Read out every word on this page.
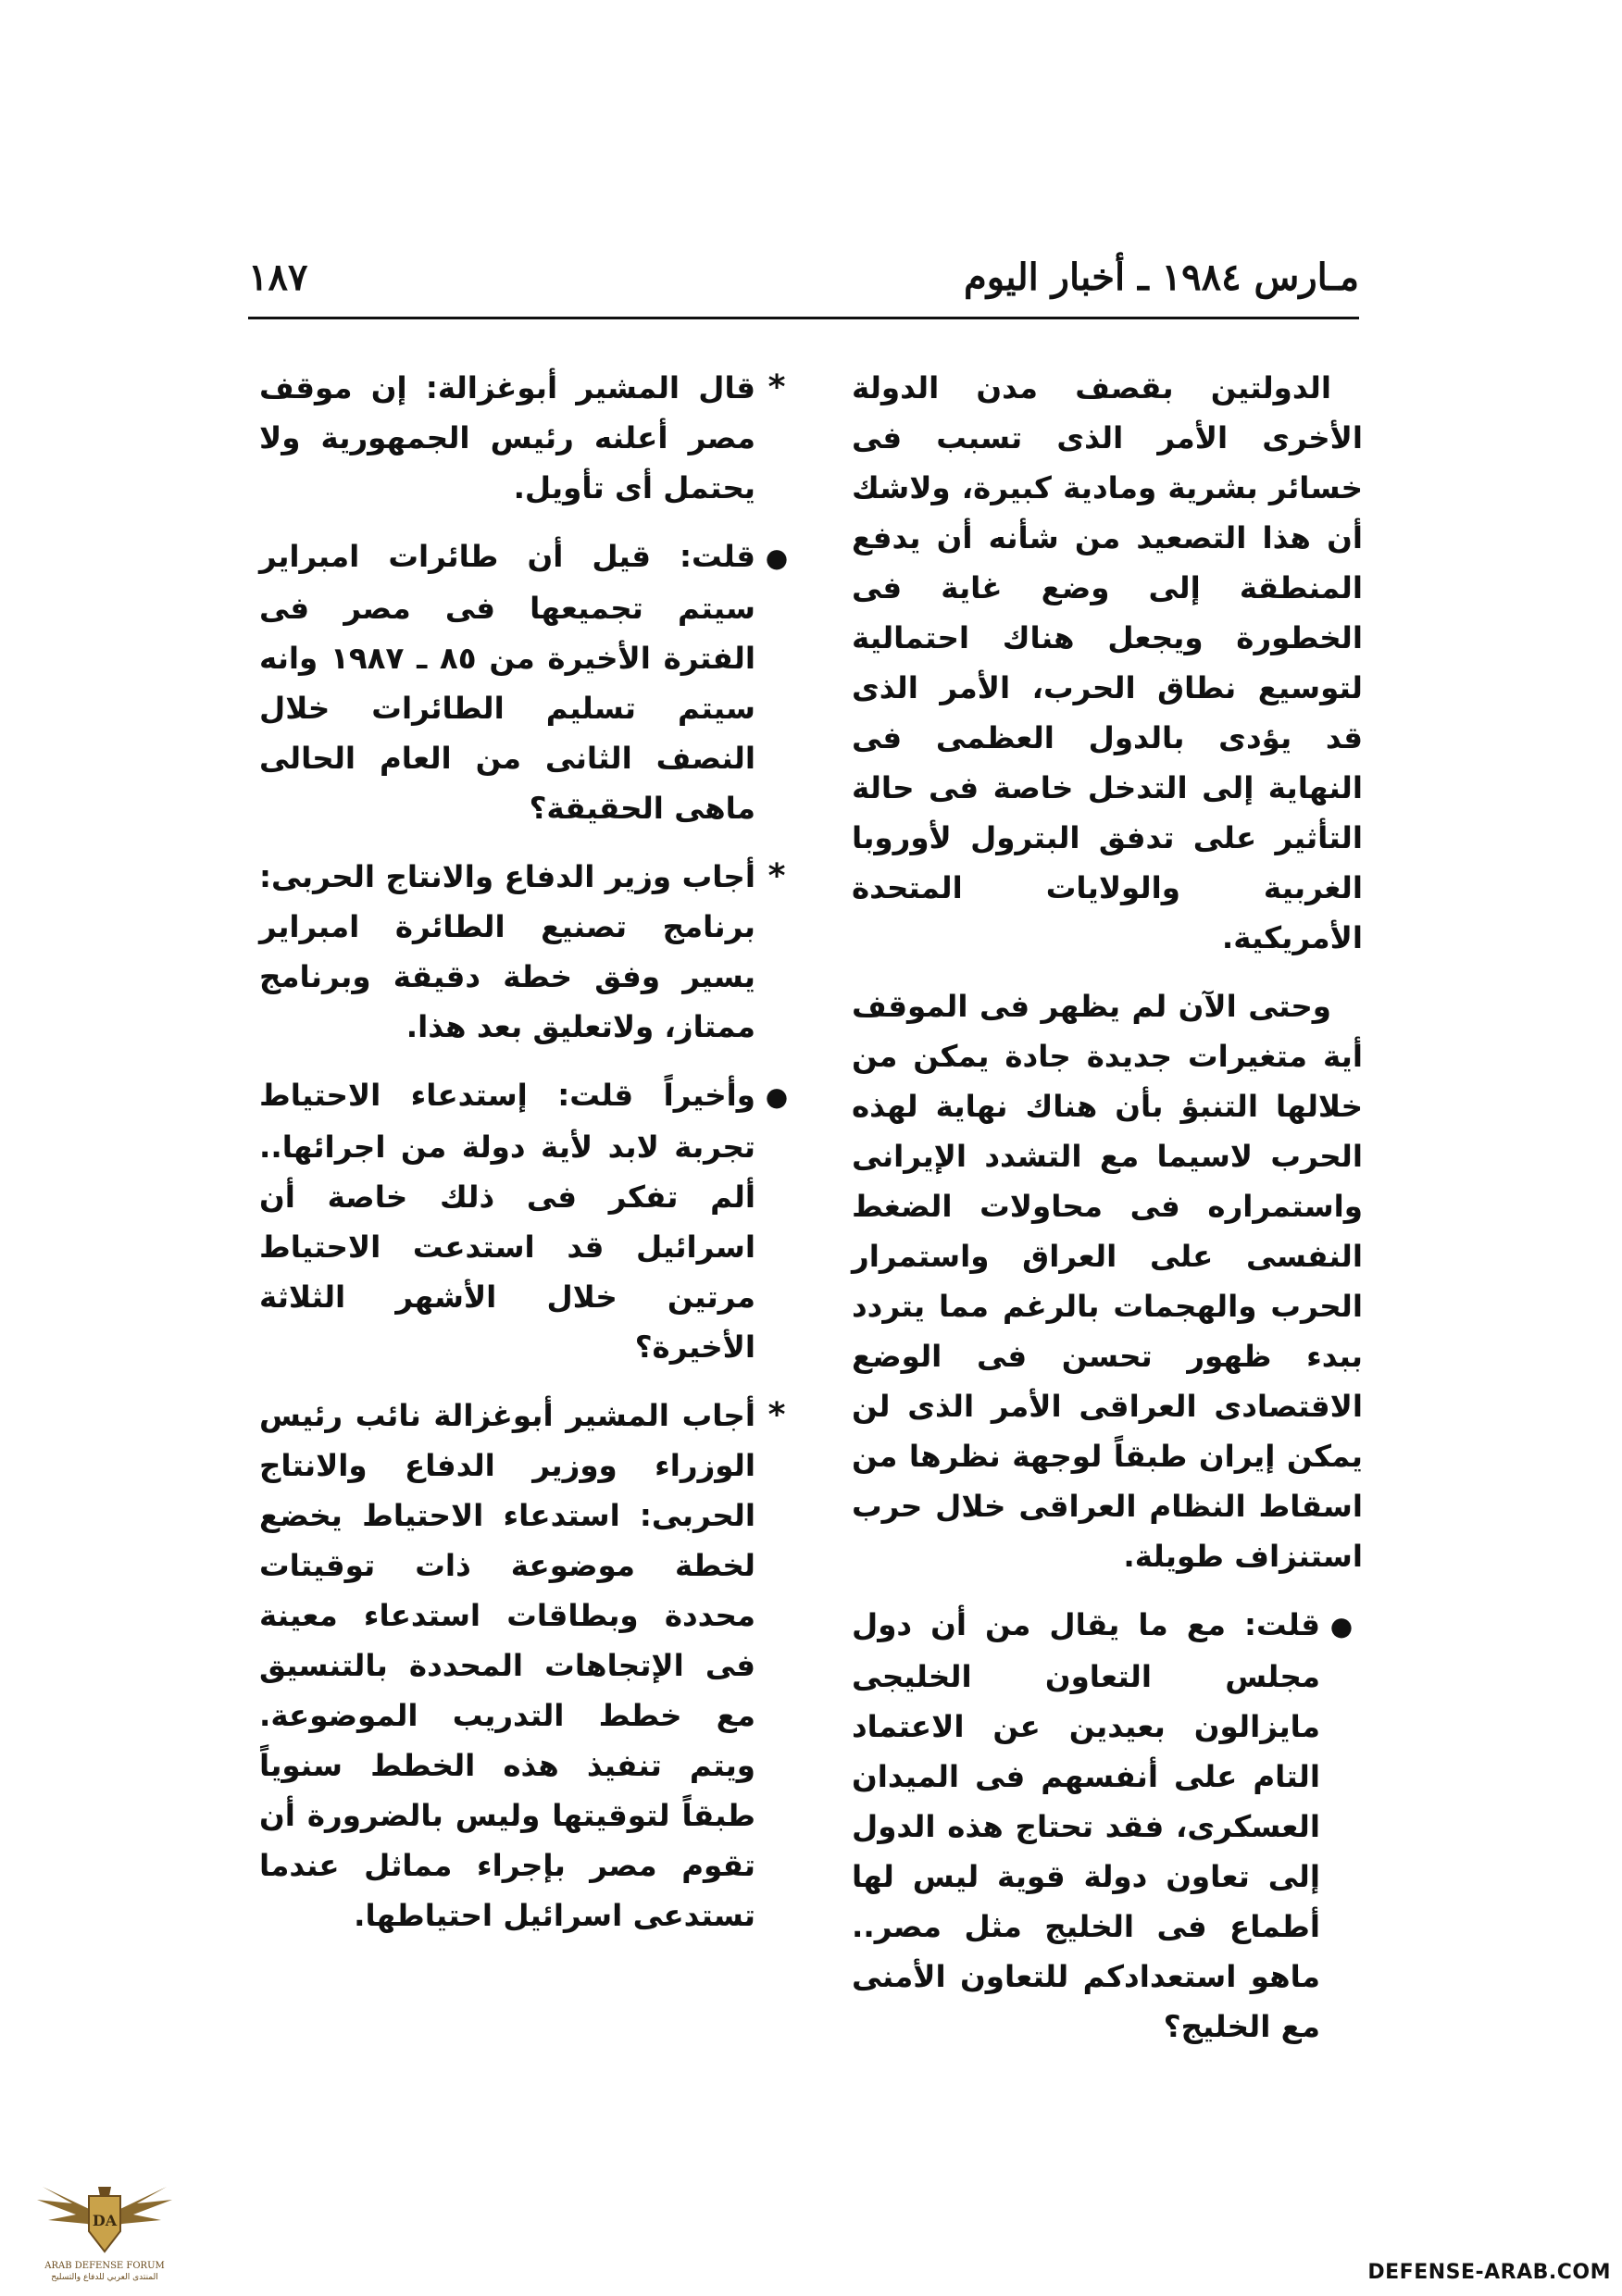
مـارس ١٩٨٤ ـ أخبار اليوم
١٨٧

الدولتين بقصف مدن الدولة الأخرى الأمر الذى تسبب فى خسائر بشرية ومادية كبيرة، ولاشك أن هذا التصعيد من شأنه أن يدفع المنطقة إلى وضع غاية فى الخطورة ويجعل هناك احتمالية لتوسيع نطاق الحرب، الأمر الذى قد يؤدى بالدول العظمى فى النهاية إلى التدخل خاصة فى حالة التأثير على تدفق البترول لأوروبا الغربية والولايات المتحدة الأمريكية.

وحتى الآن لم يظهر فى الموقف أية متغيرات جديدة جادة يمكن من خلالها التنبؤ بأن هناك نهاية لهذه الحرب لاسيما مع التشدد الإيرانى واستمراره فى محاولات الضغط النفسى على العراق واستمرار الحرب والهجمات بالرغم مما يتردد ببدء ظهور تحسن فى الوضع الاقتصادى العراقى الأمر الذى لن يمكن إيران طبقاً لوجهة نظرها من اسقاط النظام العراقى خلال حرب استنزاف طويلة.

●قلت: مع ما يقال من أن دول مجلس التعاون الخليجى مايزالون بعيدين عن الاعتماد التام على أنفسهم فى الميدان العسكرى، فقد تحتاج هذه الدول إلى تعاون دولة قوية ليس لها أطماع فى الخليج مثل مصر.. ماهو استعدادكم للتعاون الأمنى مع الخليج؟

*قال المشير أبوغزالة: إن موقف مصر أعلنه رئيس الجمهورية ولا يحتمل أى تأويل.

●قلت: قيل أن طائرات امبراير سيتم تجميعها فى مصر فى الفترة الأخيرة من ٨٥ ـ ١٩٨٧ وانه سيتم تسليم الطائرات خلال النصف الثانى من العام الحالى ماهى الحقيقة؟

*أجاب وزير الدفاع والانتاج الحربى: برنامج تصنيع الطائرة امبراير يسير وفق خطة دقيقة وبرنامج ممتاز، ولاتعليق بعد هذا.

●وأخيراً قلت: إستدعاء الاحتياط تجربة لابد لأية دولة من اجرائها.. ألم تفكر فى ذلك خاصة أن اسرائيل قد استدعت الاحتياط مرتين خلال الأشهر الثلاثة الأخيرة؟

*أجاب المشير أبوغزالة نائب رئيس الوزراء ووزير الدفاع والانتاج الحربى: استدعاء الاحتياط يخضع لخطة موضوعة ذات توقيتات محددة وبطاقات استدعاء معينة فى الإتجاهات المحددة بالتنسيق مع خطط التدريب الموضوعة. ويتم تنفيذ هذه الخطط سنوياً طبقاً لتوقيتها وليس بالضرورة أن تقوم مصر بإجراء مماثل عندما تستدعى اسرائيل احتياطها.

DA
ARAB DEFENSE FORUM
المنتدى العربي للدفاع والتسليح	DEFENSE-ARAB.COM
